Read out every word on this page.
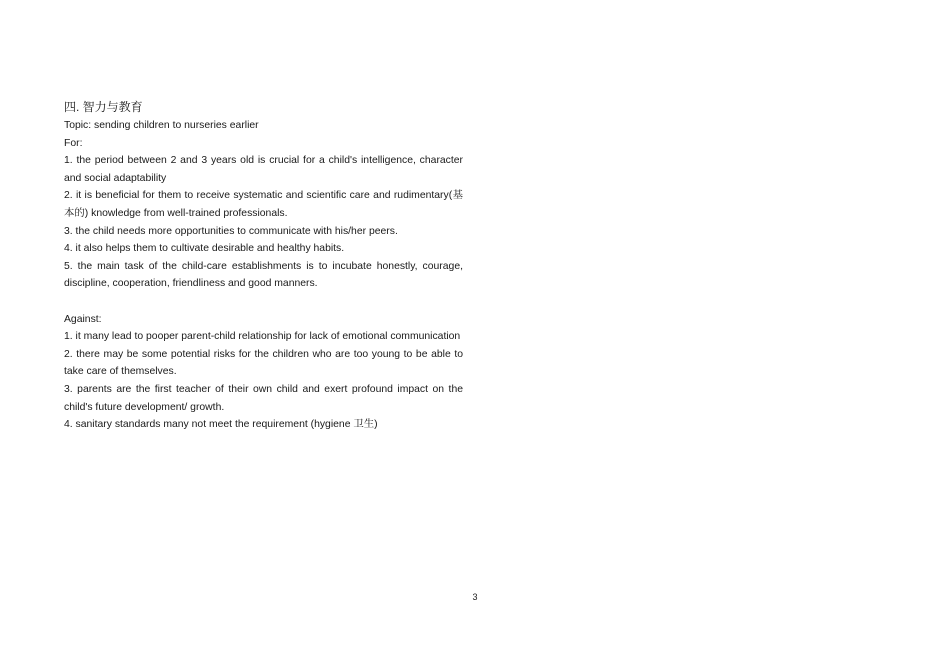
四. 智力与教育
Topic: sending children to nurseries earlier
For:
1. the period between 2 and 3 years old is crucial for a child's intelligence, character and social adaptability
2. it is beneficial for them to receive systematic and scientific care and rudimentary(基本的) knowledge from well-trained professionals.
3. the child needs more opportunities to communicate with his/her peers.
4. it also helps them to cultivate desirable and healthy habits.
5. the main task of the child-care establishments is to incubate honestly, courage, discipline, cooperation, friendliness and good manners.
Against:
1. it many lead to pooper parent-child relationship for lack of emotional communication
2. there may be some potential risks for the children who are too young to be able to take care of themselves.
3. parents are the first teacher of their own child and exert profound impact on the child's future development/ growth.
4. sanitary standards many not meet the requirement (hygiene 卫生)
3
